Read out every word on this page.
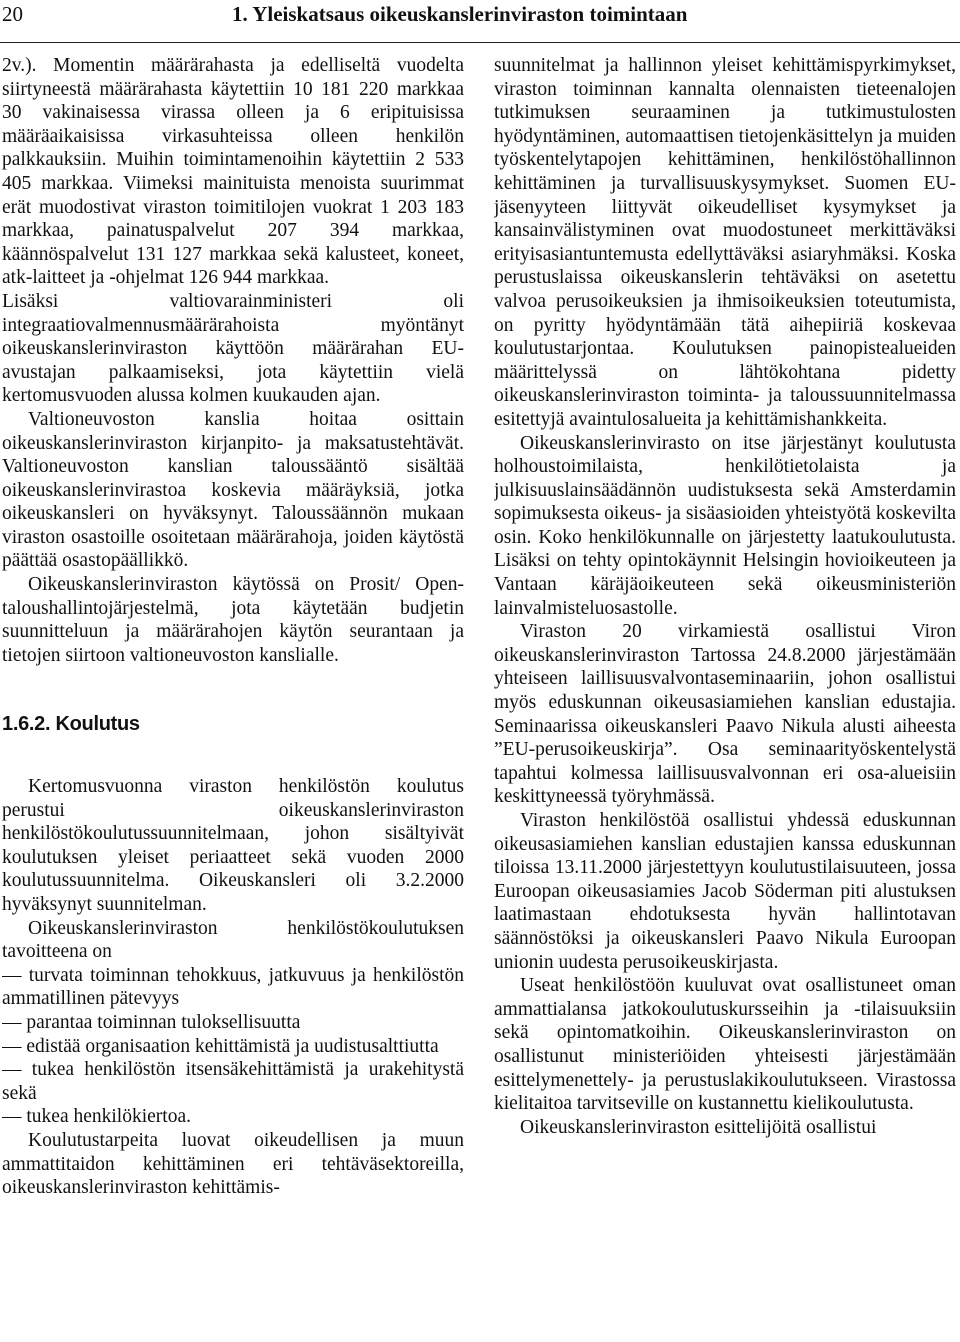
20	1. Yleiskatsaus oikeuskanslerinviraston toimintaan

2v.). Momentin määrärahasta ja edelliseltä vuodelta siirtyneestä määrärahasta käytettiin 10 181 220 markkaa 30 vakinaisessa virassa olleen ja 6 eripituisissa määräaikaisissa virkasuhteissa olleen henkilön palkkauksiin. Muihin toimintamenoihin käytettiin 2 533 405 markkaa. Viimeksi mainituista menoista suurimmat erät muodostivat viraston toimitilojen vuokrat 1 203 183 markkaa, painatuspalvelut 207 394 markkaa, käännöspalvelut 131 127 markkaa sekä kalusteet, koneet, atk-laitteet ja -ohjelmat 126 944 markkaa.

Lisäksi valtiovarainministeri oli integraatiovalmennusmäärärahoista myöntänyt oikeuskanslerinviraston käyttöön määrärahan EU-avustajan palkaamiseksi, jota käytettiin vielä kertomusvuoden alussa kolmen kuukauden ajan.

Valtioneuvoston kanslia hoitaa osittain oikeuskanslerinviraston kirjanpito- ja maksatustehtävät. Valtioneuvoston kanslian taloussääntö sisältää oikeuskanslerinvirastoa koskevia määräyksiä, jotka oikeuskansleri on hyväksynyt. Taloussäännön mukaan viraston osastoille osoitetaan määrärahoja, joiden käytöstä päättää osastopäällikkö.

Oikeuskanslerinviraston käytössä on Prosit/ Open- taloushallintojärjestelmä, jota käytetään budjetin suunnitteluun ja määrärahojen käytön seurantaan ja tietojen siirtoon valtioneuvoston kanslialle.

1.6.2. Koulutus

Kertomusvuonna viraston henkilöstön koulutus perustui oikeuskanslerinviraston henkilöstökoulutussuunnitelmaan, johon sisältyivät koulutuksen yleiset periaatteet sekä vuoden 2000 koulutussuunnitelma. Oikeuskansleri oli 3.2.2000 hyväksynyt suunnitelman.

Oikeuskanslerinviraston henkilöstökoulutuksen tavoitteena on

— turvata toiminnan tehokkuus, jatkuvuus ja henkilöstön ammatillinen pätevyys

— parantaa toiminnan tuloksellisuutta

— edistää organisaation kehittämistä ja uudistusalttiutta

— tukea henkilöstön itsensäkehittämistä ja urakehitystä sekä

— tukea henkilökiertoa.

Koulutustarpeita luovat oikeudellisen ja muun ammattitaidon kehittäminen eri tehtäväsektoreilla, oikeuskanslerinviraston kehittämis-

suunnitelmat ja hallinnon yleiset kehittämispyrkimykset, viraston toiminnan kannalta olennaisten tieteenalojen tutkimuksen seuraaminen ja tutkimustulosten hyödyntäminen, automaattisen tietojenkäsittelyn ja muiden työskentelytapojen kehittäminen, henkilöstöhallinnon kehittäminen ja turvallisuuskysymykset. Suomen EU-jäsenyyteen liittyvät oikeudelliset kysymykset ja kansainvälistyminen ovat muodostuneet merkittäväksi erityisasiantuntemusta edellyttäväksi asiaryhmäksi. Koska perustuslaissa oikeuskanslerin tehtäväksi on asetettu valvoa perusoikeuksien ja ihmisoikeuksien toteutumista, on pyritty hyödyntämään tätä aihepiiriä koskevaa koulutustarjontaa. Koulutuksen painopistealueiden määrittelyssä on lähtökohtana pidetty oikeuskanslerinviraston toiminta- ja taloussuunnitelmassa esitettyjä avaintulosalueita ja kehittämishankkeita.

Oikeuskanslerinvirasto on itse järjestänyt koulutusta holhoustoimilaista, henkilötietolaista ja julkisuuslainsäädännön uudistuksesta sekä Amsterdamin sopimuksesta oikeus- ja sisäasioiden yhteistyötä koskevilta osin. Koko henkilökunnalle on järjestetty laatukoulutusta. Lisäksi on tehty opintokäynnit Helsingin hovioikeuteen ja Vantaan käräjäoikeuteen sekä oikeusministeriön lainvalmisteluosastolle.

Viraston 20 virkamiestä osallistui Viron oikeuskanslerinviraston Tartossa 24.8.2000 järjestämään yhteiseen laillisuusvalvontaseminaariin, johon osallistui myös eduskunnan oikeusasiamiehen kanslian edustajia. Seminaarissa oikeuskansleri Paavo Nikula alusti aiheesta ”EU-perusoikeuskirja”. Osa seminaarityöskentelystä tapahtui kolmessa laillisuusvalvonnan eri osa-alueisiin keskittyneessä työryhmässä.

Viraston henkilöstöä osallistui yhdessä eduskunnan oikeusasiamiehen kanslian edustajien kanssa eduskunnan tiloissa 13.11.2000 järjestettyyn koulutustilaisuuteen, jossa Euroopan oikeusasiamies Jacob Söderman piti alustuksen laatimastaan ehdotuksesta hyvän hallintotavan säännöstöksi ja oikeuskansleri Paavo Nikula Euroopan unionin uudesta perusoikeuskirjasta.

Useat henkilöstöön kuuluvat ovat osallistuneet oman ammattialansa jatkokoulutuskursseihin ja -tilaisuuksiin sekä opintomatkoihin. Oikeuskanslerinviraston on osallistunut ministeriöiden yhteisesti järjestämään esittelymenettely- ja perustuslakikoulutukseen. Virastossa kielitaitoa tarvitseville on kustannettu kielikoulutusta.

Oikeuskanslerinviraston esittelijöitä osallistui
